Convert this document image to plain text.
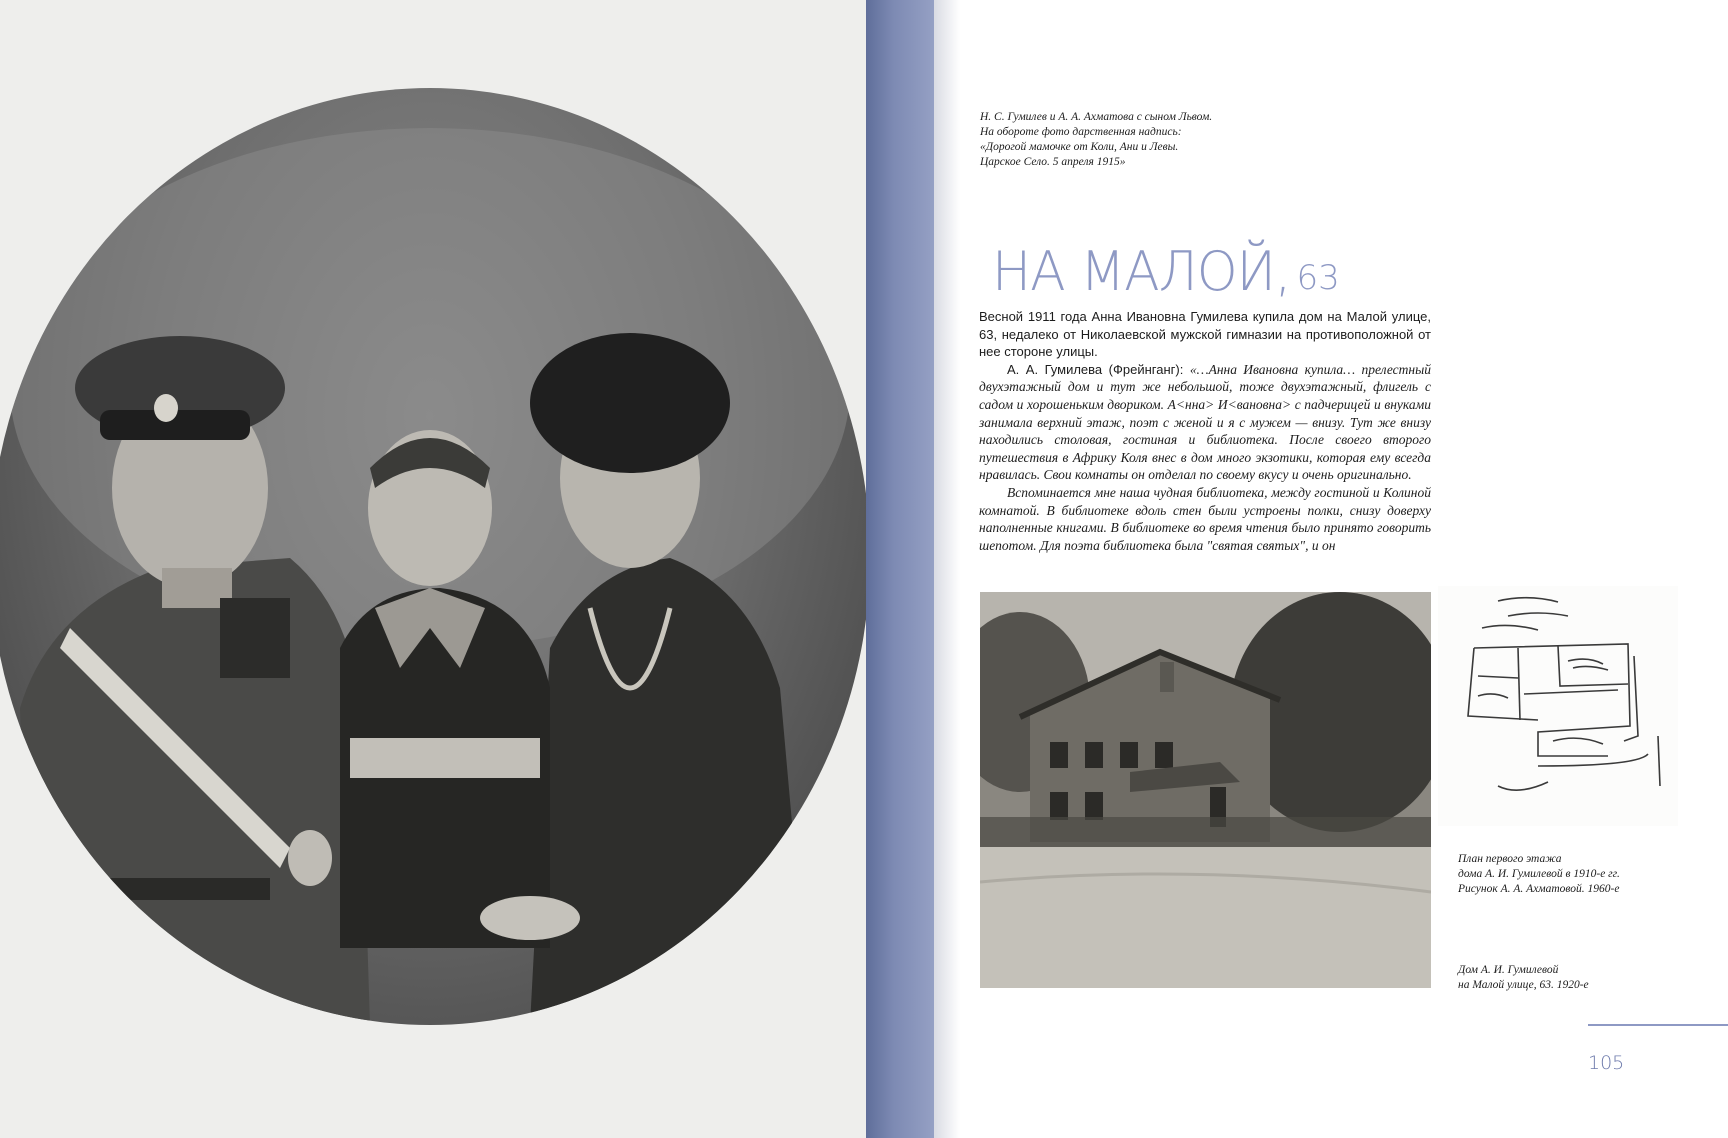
Н. С. Гумилев и А. А. Ахматова с сыном Львом.
На обороте фото дарственная надпись:
«Дорогой мамочке от Коли, Ани и Левы.
Царское Село. 5 апреля 1915»
НА МАЛОЙ, 63

Весной 1911 года Анна Ивановна Гумилева купила дом на Малой улице, 63, недалеко от Николаевской мужской гимназии на противоположной от нее стороне улицы.

А. А. Гумилева (Фрейнганг): «…Анна Ивановна купила… прелестный двухэтажный дом и тут же небольшой, тоже двухэтажный, флигель с садом и хорошеньким двориком. А<нна> И<вановна> с падчерицей и внуками занимала верхний этаж, поэт с женой и я с мужем — внизу. Тут же внизу находились столовая, гостиная и библиотека. После своего второго путешествия в Африку Коля внес в дом много экзотики, которая ему всегда нравилась. Свои комнаты он отделал по своему вкусу и очень оригинально.

Вспоминается мне наша чудная библиотека, между гостиной и Колиной комнатой. В библиотеке вдоль стен были устроены полки, снизу доверху наполненные книгами. В библиотеке во время чтения было принято говорить шепотом. Для поэта библиотека была "святая святых", и он

План первого этажа
дома А. И. Гумилевой в 1910-е гг.
Рисунок А. А. Ахматовой. 1960-е
Дом А. И. Гумилевой
на Малой улице, 63. 1920-е
105
